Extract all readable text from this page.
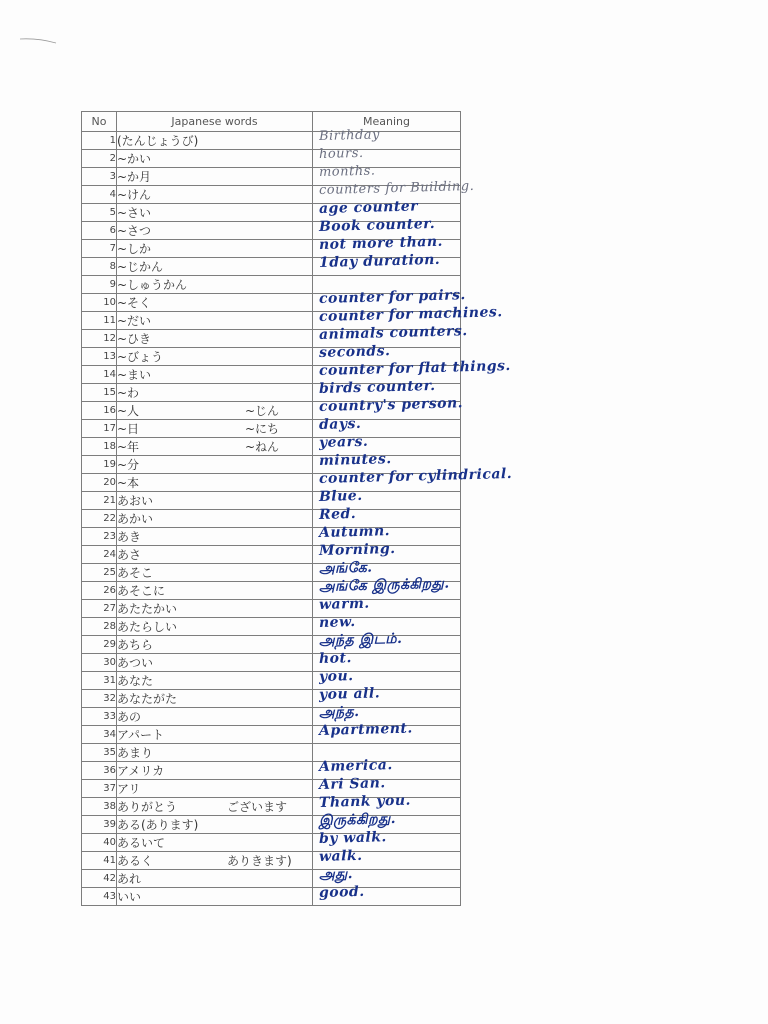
No	Japanese words	Meaning
1	(たんじょうび)	Birthday

2	~かい	hours.

3	~か月	months.

4	~けん	counters for Building.

5	~さい	age counter

6	~さつ	Book counter.

7	~しか	not more than.

8	~じかん	1day duration.

9	~しゅうかん	
10	~そく	counter for pairs.

11	~だい	counter for machines.

12	~ひき	animals counters.

13	~びょう	seconds.

14	~まい	counter for flat things.

15	~わ	birds counter.

16	~人 ~じん	country's person.

17	~日 ~にち	days.

18	~年 ~ねん	years.

19	~分	minutes.

20	~本	counter for cylindrical.

21	あおい	Blue.

22	あかい	Red.

23	あき	Autumn.

24	あさ	Morning.

25	あそこ	அங்கே.

26	あそこに	அங்கே இருக்கிறது.

27	あたたかい	warm.

28	あたらしい	new.

29	あちら	அந்த இடம்.

30	あつい	hot.

31	あなた	you.

32	あなたがた	you all.

33	あの	அந்த.

34	アパート	Apartment.

35	あまり	
36	アメリカ	America.

37	アリ	Ari San.

38	ありがとう ございます	Thank you.

39	ある(あります)	இருக்கிறது.

40	あるいて	by walk.

41	あるく ありきます)	walk.

42	あれ	அது.

43	いい	good.
